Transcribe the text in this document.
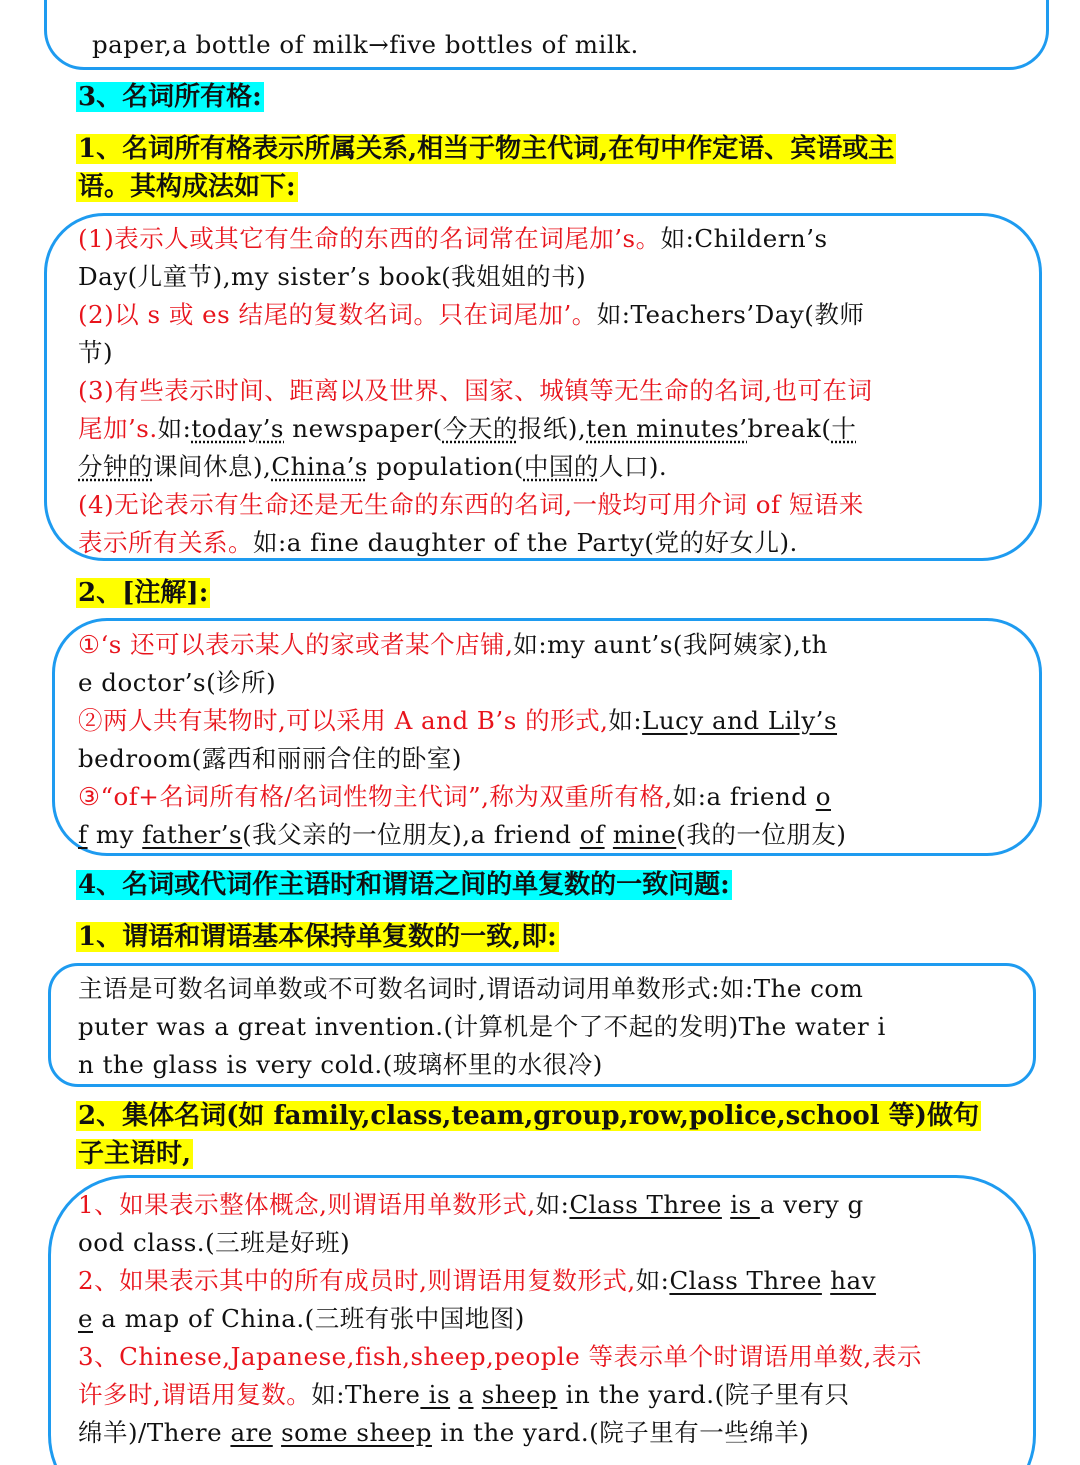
paper,a bottle of milk→five bottles of milk.
3、名词所有格:
1、名词所有格表示所属关系,相当于物主代词,在句中作定语、宾语或主
语。其构成法如下:
(1)表示人或其它有生命的东西的名词常在词尾加’s。如:Childern’s
Day(儿童节),my sister’s book(我姐姐的书)
(2)以 s 或 es 结尾的复数名词。只在词尾加’。如:Teachers’Day(教师
节)
(3)有些表示时间、距离以及世界、国家、城镇等无生命的名词,也可在词
尾加’s.如:today’s newspaper(今天的报纸),ten minutes’break(十
分钟的课间休息),China’s population(中国的人口).
(4)无论表示有生命还是无生命的东西的名词,一般均可用介词 of 短语来
表示所有关系。如:a fine daughter of the Party(党的好女儿).
2、[注解]:
①‘s 还可以表示某人的家或者某个店铺,如:my aunt’s(我阿姨家),th
e doctor’s(诊所)
②两人共有某物时,可以采用 A and B’s 的形式,如:Lucy and Lily’s
bedroom(露西和丽丽合住的卧室)
③“of+名词所有格/名词性物主代词”,称为双重所有格,如:a friend o
f my father’s(我父亲的一位朋友),a friend of mine(我的一位朋友)
4、名词或代词作主语时和谓语之间的单复数的一致问题:
1、谓语和谓语基本保持单复数的一致,即:
主语是可数名词单数或不可数名词时,谓语动词用单数形式:如:The com
puter was a great invention.(计算机是个了不起的发明)The water i
n the glass is very cold.(玻璃杯里的水很冷)
2、集体名词(如 family,class,team,group,row,police,school 等)做句
子主语时,
1、如果表示整体概念,则谓语用单数形式,如:Class Three is a very g
ood class.(三班是好班)
2、如果表示其中的所有成员时,则谓语用复数形式,如:Class Three hav
e a map of China.(三班有张中国地图)
3、Chinese,Japanese,fish,sheep,people 等表示单个时谓语用单数,表示
许多时,谓语用复数。如:There is a sheep in the yard.(院子里有只
绵羊)/There are some sheep in the yard.(院子里有一些绵羊)
